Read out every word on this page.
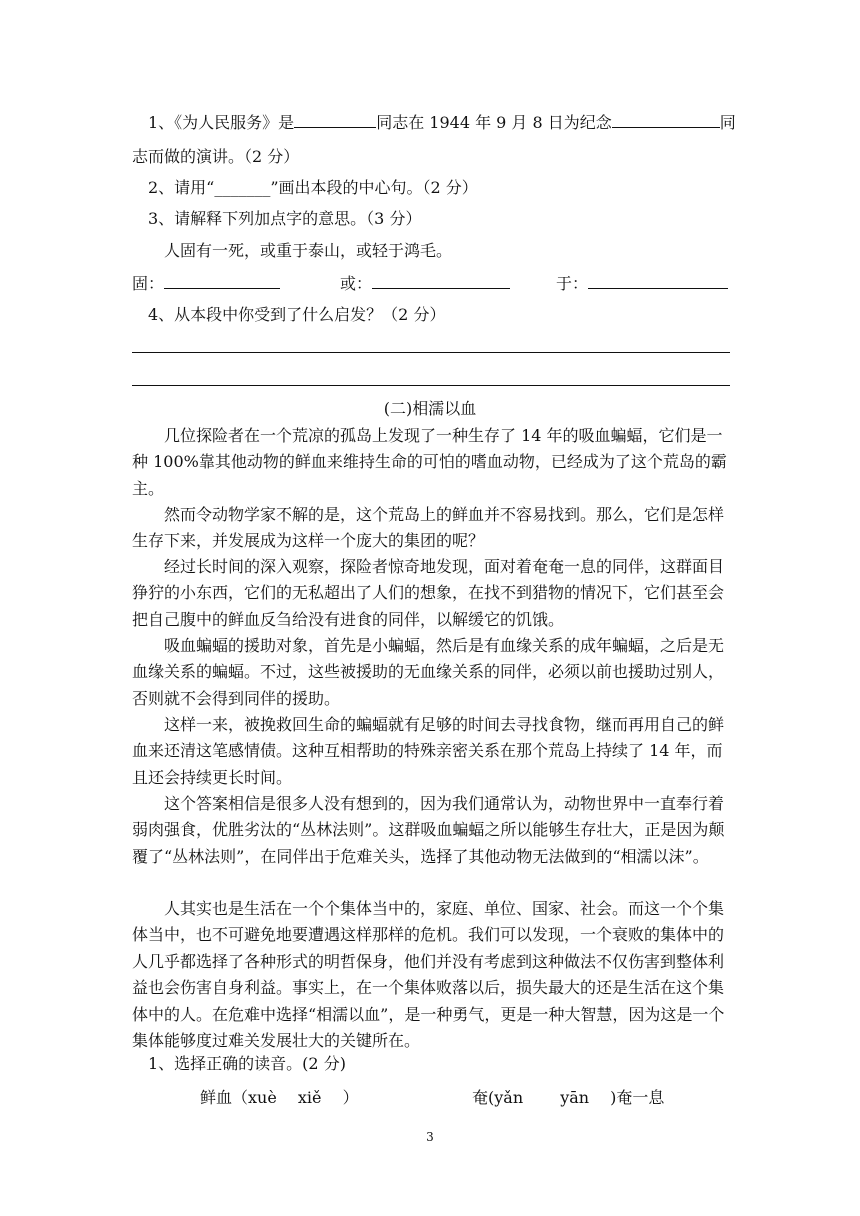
1、《为人民服务》是	同志在 1944 年 9 月 8 日为纪念	同
志而做的演讲。（2 分）
2、请用“_______”画出本段的中心句。（2 分）
3、请解释下列加点字的意思。（3 分）
人固有一死，或重于泰山，或轻于鸿毛。
固：	或：	于：
4、从本段中你受到了什么启发？（2 分）
(二)相濡以血
　　几位探险者在一个荒凉的孤岛上发现了一种生存了 14 年的吸血蝙蝠，它们是一种 100%靠其他动物的鲜血来维持生命的可怕的嗜血动物，已经成为了这个荒岛的霸主。
　　然而令动物学家不解的是，这个荒岛上的鲜血并不容易找到。那么，它们是怎样生存下来，并发展成为这样一个庞大的集团的呢？
　　经过长时间的深入观察，探险者惊奇地发现，面对着奄奄一息的同伴，这群面目狰狞的小东西，它们的无私超出了人们的想象，在找不到猎物的情况下，它们甚至会把自己腹中的鲜血反刍给没有进食的同伴，以解缓它的饥饿。
　　吸血蝙蝠的援助对象，首先是小蝙蝠，然后是有血缘关系的成年蝙蝠，之后是无血缘关系的蝙蝠。不过，这些被援助的无血缘关系的同伴，必须以前也援助过别人，否则就不会得到同伴的援助。
　　这样一来，被挽救回生命的蝙蝠就有足够的时间去寻找食物，继而再用自己的鲜血来还清这笔感情债。这种互相帮助的特殊亲密关系在那个荒岛上持续了 14 年，而且还会持续更长时间。
　　这个答案相信是很多人没有想到的，因为我们通常认为，动物世界中一直奉行着弱肉强食，优胜劣汰的“丛林法则”。这群吸血蝙蝠之所以能够生存壮大，正是因为颠覆了“丛林法则”，在同伴出于危难关头，选择了其他动物无法做到的“相濡以沫”。
　　人其实也是生活在一个个集体当中的，家庭、单位、国家、社会。而这一个个集体当中，也不可避免地要遭遇这样那样的危机。我们可以发现，一个衰败的集体中的人几乎都选择了各种形式的明哲保身，他们并没有考虑到这种做法不仅伤害到整体利益也会伤害自身利益。事实上，在一个集体败落以后，损失最大的还是生活在这个集体中的人。在危难中选择“相濡以血”，是一种勇气，更是一种大智慧，因为这是一个集体能够度过难关发展壮大的关键所在。
1、选择正确的读音。(2 分)
鲜血（xuè　 xiě　 ）	奄(yǎn　　 yān　 )奄一息
3
